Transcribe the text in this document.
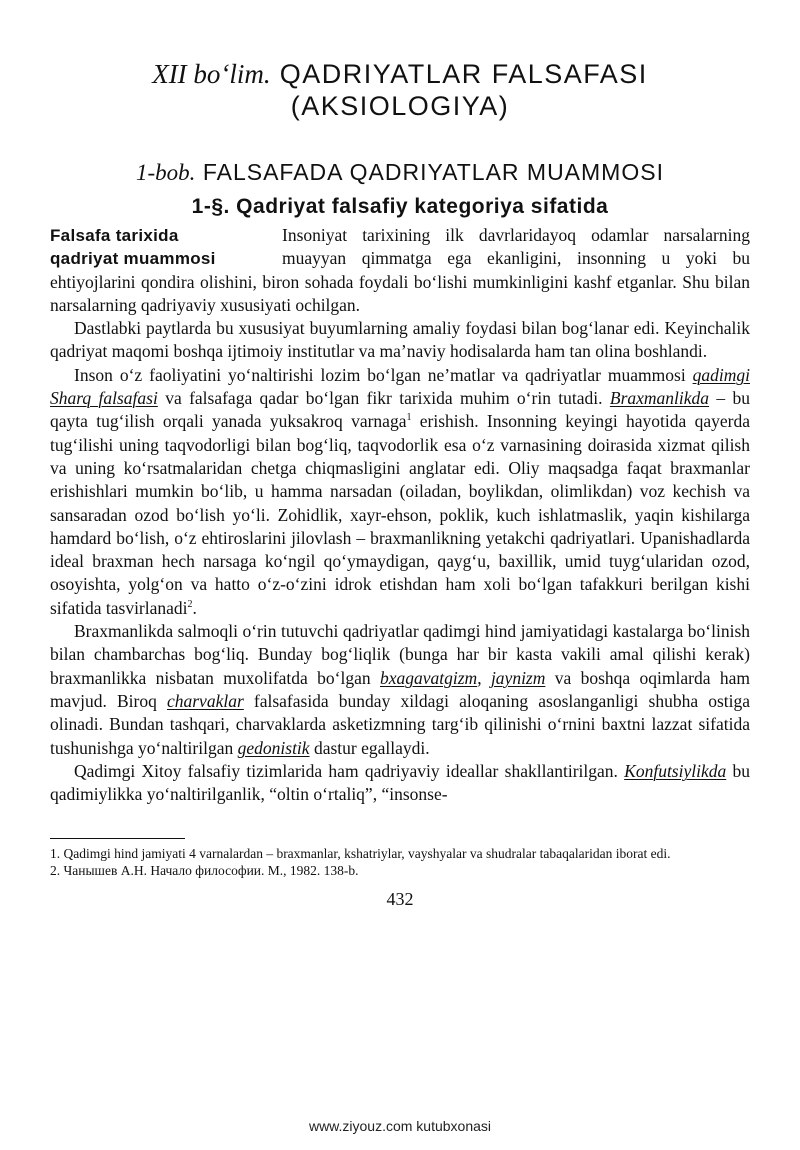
XII bo‘lim. QADRIYATLAR FALSAFASI
(AKSIOLOGIYA)
1-bob. FALSAFADA QADRIYATLAR MUAMMOSI
1-§. Qadriyat falsafiy kategoriya sifatida
Falsafa tarixida
qadriyat muammosi

Insoniyat tarixining ilk davrlaridayoq odamlar narsalarning muayyan qimmatga ega ekanligini, insonning u yoki bu ehtiyojlarini qondira olishini, biron sohada foydali bo‘lishi mumkinligini kashf etganlar. Shu bilan narsalarning qadriyaviy xususiyati ochilgan.

Dastlabki paytlarda bu xususiyat buyumlarning amaliy foydasi bilan bog‘lanar edi. Keyinchalik qadriyat maqomi boshqa ijtimoiy institutlar va ma’naviy hodisalarda ham tan olina boshlandi.

Inson o‘z faoliyatini yo‘naltirishi lozim bo‘lgan ne’matlar va qadriyatlar muammosi qadimgi Sharq falsafasi va falsafaga qadar bo‘lgan fikr tarixida muhim o‘rin tutadi. Braxmanlikda – bu qayta tug‘ilish orqali yanada yuksakroq varnaga$^1$ erishish. Insonning keyingi hayotida qayerda tug‘ilishi uning taqvodorligi bilan bog‘liq, taqvodorlik esa o‘z varnasining doirasida xizmat qilish va uning ko‘rsatmalaridan chetga chiqmasligini anglatar edi. Oliy maqsadga faqat braxmanlar erishishlari mumkin bo‘lib, u hamma narsadan (oiladan, boylikdan, olimlikdan) voz kechish va sansaradan ozod bo‘lish yo‘li. Zohidlik, xayr-ehson, poklik, kuch ishlatmaslik, yaqin kishilarga hamdard bo‘lish, o‘z ehtiroslarini jilovlash – braxmanlikning yetakchi qadriyatlari. Upanishadlarda ideal braxman hech narsaga ko‘ngil qo‘ymaydigan, qayg‘u, baxillik, umid tuyg‘ularidan ozod, osoyishta, yolg‘on va hatto o‘z-o‘zini idrok etishdan ham xoli bo‘lgan tafakkuri berilgan kishi sifatida tasvirlanadi$^2$.

Braxmanlikda salmoqli o‘rin tutuvchi qadriyatlar qadimgi hind jamiyatidagi kastalarga bo‘linish bilan chambarchas bog‘liq. Bunday bog‘liqlik (bunga har bir kasta vakili amal qilishi kerak) braxmanlikka nisbatan muxolifatda bo‘lgan bxagavatgizm, jaynizm va boshqa oqimlarda ham mavjud. Biroq charvaklar falsafasida bunday xildagi aloqaning asoslanganligi shubha ostiga olinadi. Bundan tashqari, charvaklarda asketizmning targ‘ib qilinishi o‘rnini baxtni lazzat sifatida tushunishga yo‘naltirilgan gedonistik dastur egallaydi.

Qadimgi Xitoy falsafiy tizimlarida ham qadriyaviy ideallar shakllantirilgan. Konfutsiylikda bu qadimiylikka yo‘naltirilganlik, “oltin o‘rtaliq”, “insonse-

1. Qadimgi hind jamiyati 4 varnalardan – braxmanlar, kshatriylar, vayshyalar va shudralar tabaqalaridan iborat edi.
2. Чанышев А.Н. Начало философии. М., 1982. 138-b.
432
www.ziyouz.com kutubxonasi
